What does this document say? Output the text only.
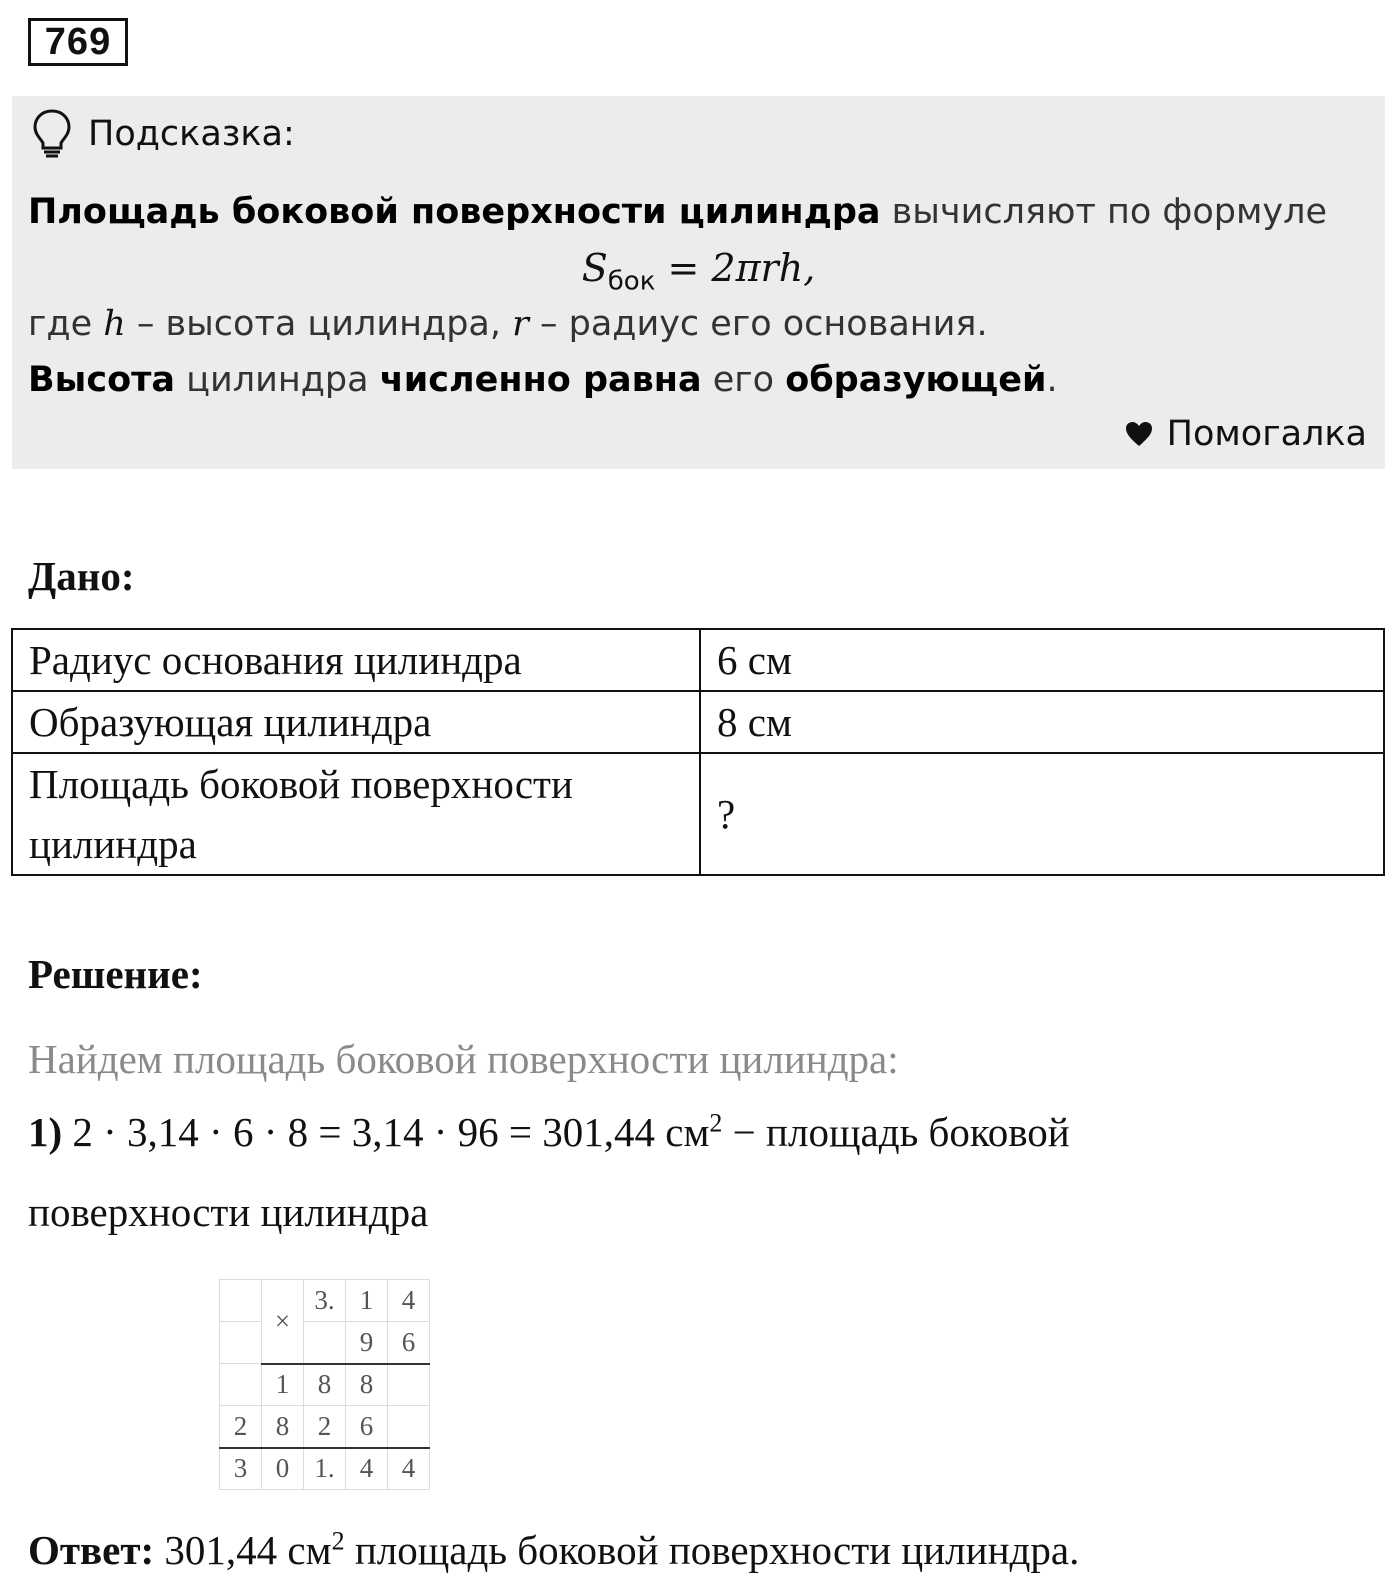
769
Подсказка:
Площадь боковой поверхности цилиндра вычисляют по формуле
$S_{бок} = 2\pi rh$,
где h – высота цилиндра, r – радиус его основания.
Высота цилиндра численно равна его образующей.
Помогалка
Дано:
Радиус основания цилиндра	6 см
Образующая цилиндра	8 см
Площадь боковой поверхности цилиндра	?
Решение:
Найдем площадь боковой поверхности цилиндра:
1) 2 · 3,14 · 6 · 8 = 3,14 · 96 = 301,44 $см^2$ − площадь боковой
поверхности цилиндра
	×	3.	1	4
			9	6
	1	8	8	
2	8	2	6	
3	0	1.	4	4
Ответ: 301,44 $см^2$ площадь боковой поверхности цилиндра.
